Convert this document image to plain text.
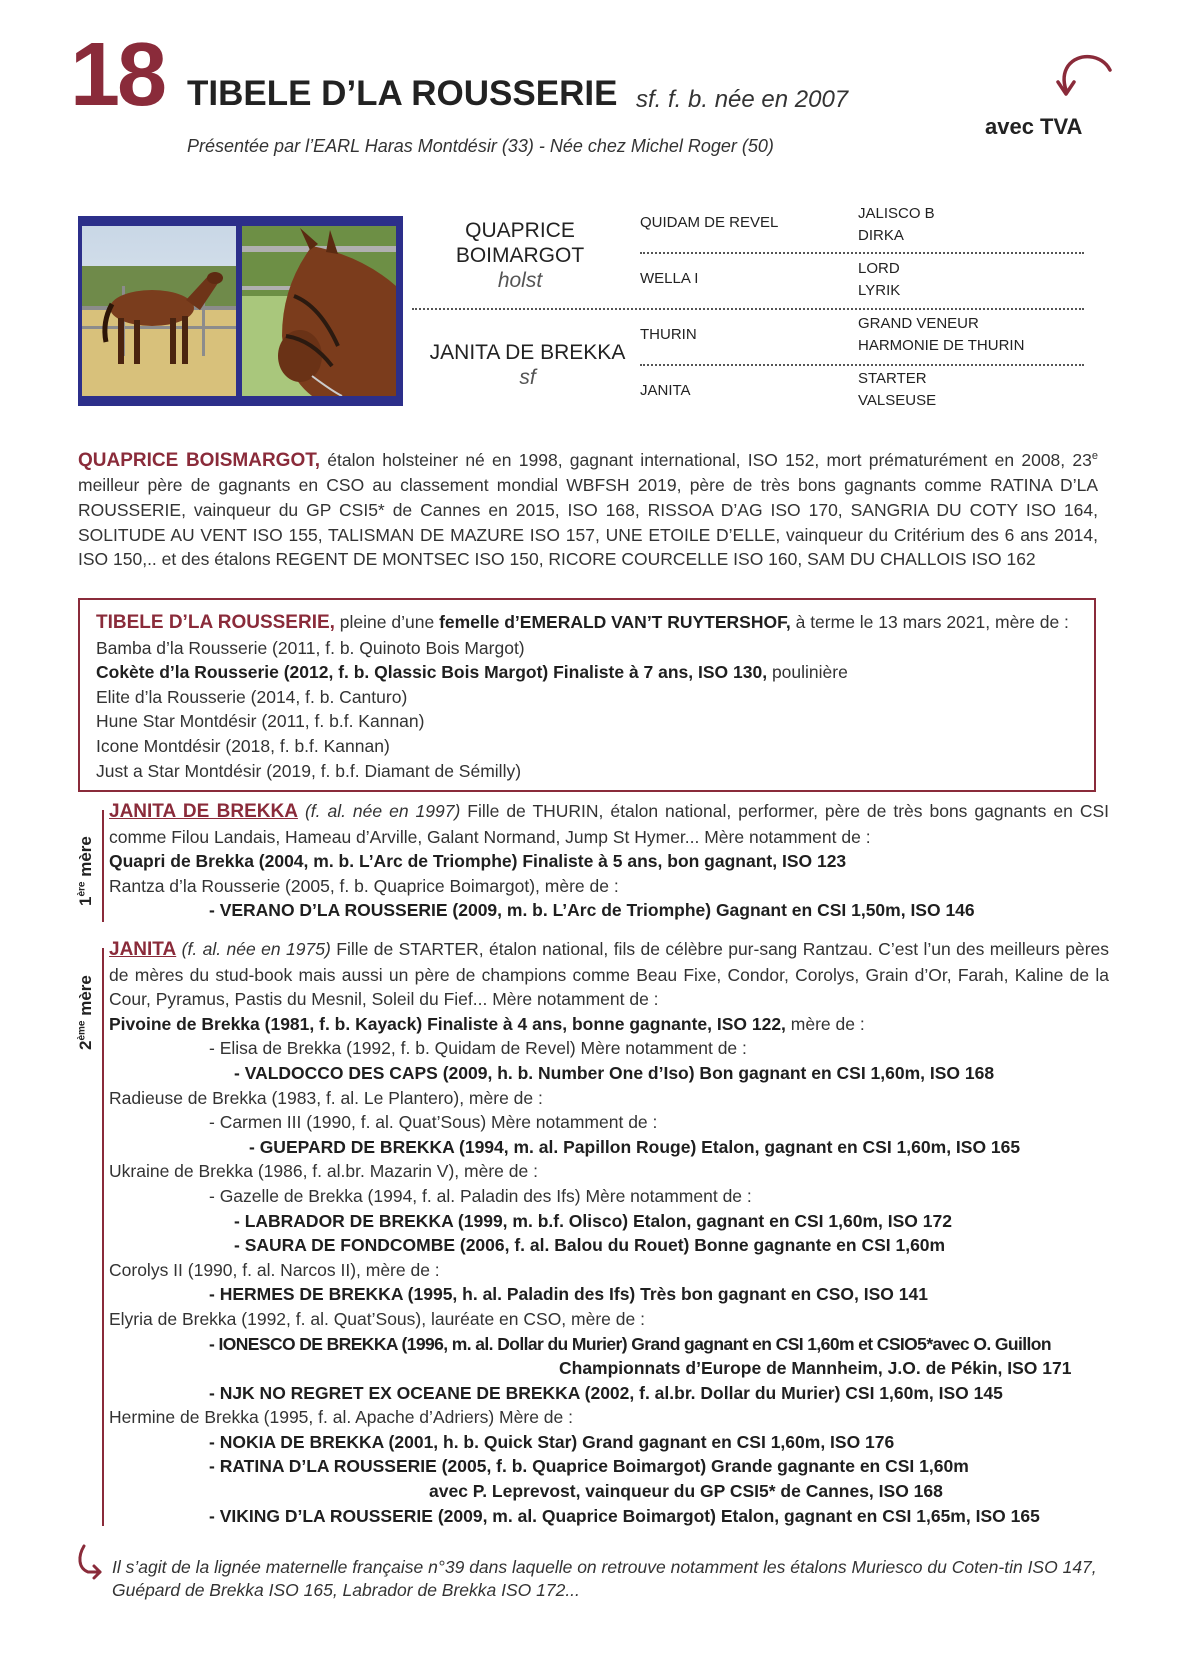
18 TIBELE D’LA ROUSSERIE sf. f. b. née en 2007
Présentée par l’EARL Haras Montdésir (33) - Née chez Michel Roger (50)
avec TVA
QUAPRICE
BOIMARGOT
holst
JANITA DE BREKKA
sf
QUIDAM DE REVEL
WELLA I
THURIN
JANITA
JALISCO B
DIRKA
LORD
LYRIK
GRAND VENEUR
HARMONIE DE THURIN
STARTER
VALSEUSE
QUAPRICE BOISMARGOT, étalon holsteiner né en 1998, gagnant international, ISO 152, mort prématurément en 2008, 23e meilleur père de gagnants en CSO au classement mondial WBFSH 2019, père de très bons gagnants comme RATINA D’LA ROUSSERIE, vainqueur du GP CSI5* de Cannes en 2015, ISO 168, RISSOA D’AG ISO 170, SANGRIA DU COTY ISO 164, SOLITUDE AU VENT ISO 155, TALISMAN DE MAZURE ISO 157, UNE ETOILE D’ELLE, vainqueur du Critérium des 6 ans 2014, ISO 150,.. et des étalons REGENT DE MONTSEC ISO 150, RICORE COURCELLE ISO 160, SAM DU CHALLOIS ISO 162
TIBELE D’LA ROUSSERIE, pleine d’une femelle d’EMERALD VAN’T RUYTERSHOF, à terme le 13 mars 2021, mère de :
Bamba d’la Rousserie (2011, f. b. Quinoto Bois Margot)
Cokète d’la Rousserie (2012, f. b. Qlassic Bois Margot) Finaliste à 7 ans, ISO 130, poulinière
Elite d’la Rousserie (2014, f. b. Canturo)
Hune Star Montdésir (2011, f. b.f. Kannan)
Icone Montdésir (2018, f. b.f. Kannan)
Just a Star Montdésir (2019, f. b.f. Diamant de Sémilly)
1ère mère

JANITA DE BREKKA (f. al. née en 1997) Fille de THURIN, étalon national, performer, père de très bons gagnants en CSI comme Filou Landais, Hameau d’Arville, Galant Normand, Jump St Hymer... Mère notamment de :

Quapri de Brekka (2004, m. b. L’Arc de Triomphe) Finaliste à 5 ans, bon gagnant, ISO 123

Rantza d’la Rousserie (2005, f. b. Quaprice Boimargot), mère de :

- VERANO D’LA ROUSSERIE (2009, m. b. L’Arc de Triomphe) Gagnant en CSI 1,50m, ISO 146

2ème mère

JANITA (f. al. née en 1975) Fille de STARTER, étalon national, fils de célèbre pur-sang Rantzau. C’est l’un des meilleurs pères de mères du stud-book mais aussi un père de champions comme Beau Fixe, Condor, Corolys, Grain d’Or, Farah, Kaline de la Cour, Pyramus, Pastis du Mesnil, Soleil du Fief... Mère notamment de :

Pivoine de Brekka (1981, f. b. Kayack) Finaliste à 4 ans, bonne gagnante, ISO 122, mère de :

- Elisa de Brekka (1992, f. b. Quidam de Revel) Mère notamment de :

- VALDOCCO DES CAPS (2009, h. b. Number One d’Iso) Bon gagnant en CSI 1,60m, ISO 168

Radieuse de Brekka (1983, f. al. Le Plantero), mère de :

- Carmen III (1990, f. al. Quat’Sous) Mère notamment de :

- GUEPARD DE BREKKA (1994, m. al. Papillon Rouge) Etalon, gagnant en CSI 1,60m, ISO 165

Ukraine de Brekka (1986, f. al.br. Mazarin V), mère de :

- Gazelle de Brekka (1994, f. al. Paladin des Ifs) Mère notamment de :

- LABRADOR DE BREKKA (1999, m. b.f. Olisco) Etalon, gagnant en CSI 1,60m, ISO 172

- SAURA DE FONDCOMBE (2006, f. al. Balou du Rouet) Bonne gagnante en CSI 1,60m

Corolys II (1990, f. al. Narcos II), mère de :

- HERMES DE BREKKA (1995, h. al. Paladin des Ifs) Très bon gagnant en CSO, ISO 141

Elyria de Brekka (1992, f. al. Quat’Sous), lauréate en CSO, mère de :

- IONESCO DE BREKKA (1996, m. al. Dollar du Murier) Grand gagnant en CSI 1,60m et CSIO5*avec O. Guillon

Championnats d’Europe de Mannheim, J.O. de Pékin, ISO 171

- NJK NO REGRET EX OCEANE DE BREKKA (2002, f. al.br. Dollar du Murier) CSI 1,60m, ISO 145

Hermine de Brekka (1995, f. al. Apache d’Adriers) Mère de :

- NOKIA DE BREKKA (2001, h. b. Quick Star) Grand gagnant en CSI 1,60m, ISO 176

- RATINA D’LA ROUSSERIE (2005, f. b. Quaprice Boimargot) Grande gagnante en CSI 1,60m

avec P. Leprevost, vainqueur du GP CSI5* de Cannes, ISO 168

- VIKING D’LA ROUSSERIE (2009, m. al. Quaprice Boimargot) Etalon, gagnant en CSI 1,65m, ISO 165

Il s’agit de la lignée maternelle française n°39 dans laquelle on retrouve notamment les étalons Muriesco du Coten-tin ISO 147, Guépard de Brekka ISO 165, Labrador de Brekka ISO 172...
